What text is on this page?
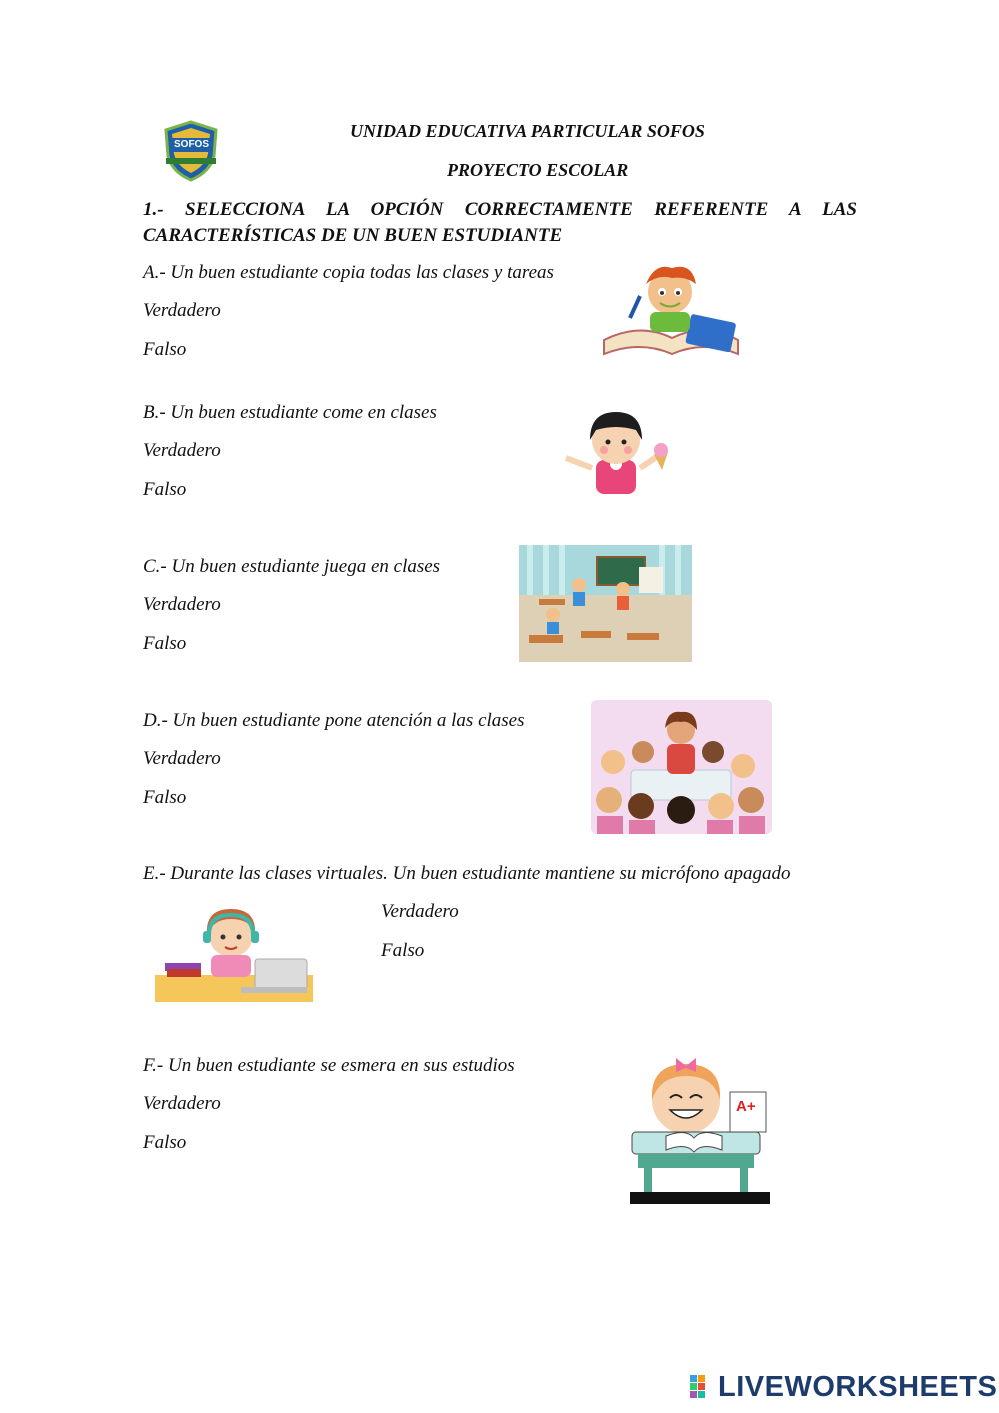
SOFOS
UNIDAD EDUCATIVA PARTICULAR SOFOS
PROYECTO ESCOLAR
1.- SELECCIONA LA OPCIÓN CORRECTAMENTE REFERENTE A LAS CARACTERÍSTICAS DE UN BUEN ESTUDIANTE
A.- Un buen estudiante copia todas las clases y tareas
Verdadero
Falso
B.- Un buen estudiante come en clases
Verdadero
Falso
C.- Un buen estudiante juega en clases
Verdadero
Falso
D.- Un buen estudiante pone atención a las clases
Verdadero
Falso
E.- Durante las clases virtuales. Un buen estudiante mantiene su micrófono apagado
Verdadero
Falso
F.- Un buen estudiante se esmera en sus estudios
Verdadero
Falso
A+
LIVEWORKSHEETS
